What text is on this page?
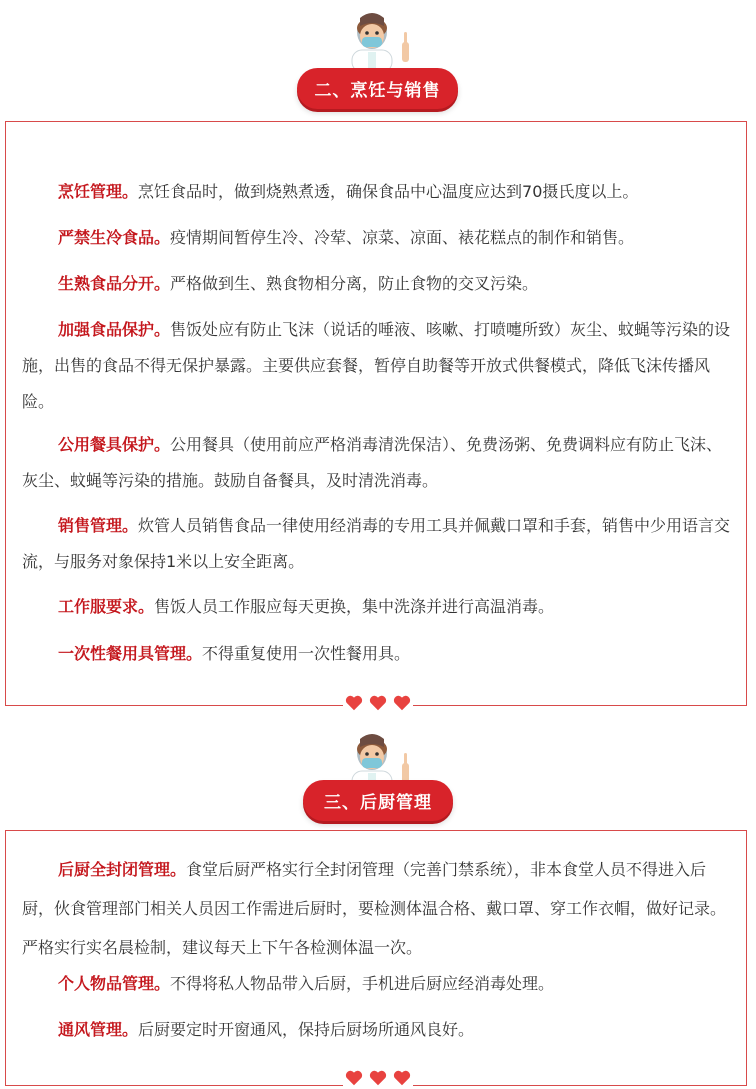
二、烹饪与销售
烹饪管理。烹饪食品时，做到烧熟煮透，确保食品中心温度应达到70摄氏度以上。
严禁生冷食品。疫情期间暂停生冷、冷荤、凉菜、凉面、裱花糕点的制作和销售。
生熟食品分开。严格做到生、熟食物相分离，防止食物的交叉污染。
加强食品保护。售饭处应有防止飞沫（说话的唾液、咳嗽、打喷嚏所致）灰尘、蚊蝇等污染的设施，出售的食品不得无保护暴露。主要供应套餐，暂停自助餐等开放式供餐模式，降低飞沫传播风险。
公用餐具保护。公用餐具（使用前应严格消毒清洗保洁）、免费汤粥、免费调料应有防止飞沫、灰尘、蚊蝇等污染的措施。鼓励自备餐具，及时清洗消毒。
销售管理。炊管人员销售食品一律使用经消毒的专用工具并佩戴口罩和手套，销售中少用语言交流，与服务对象保持1米以上安全距离。
工作服要求。售饭人员工作服应每天更换，集中洗涤并进行高温消毒。
一次性餐用具管理。不得重复使用一次性餐用具。
三、后厨管理
后厨全封闭管理。食堂后厨严格实行全封闭管理（完善门禁系统），非本食堂人员不得进入后厨，伙食管理部门相关人员因工作需进后厨时，要检测体温合格、戴口罩、穿工作衣帽，做好记录。严格实行实名晨检制，建议每天上下午各检测体温一次。
个人物品管理。不得将私人物品带入后厨，手机进后厨应经消毒处理。
通风管理。后厨要定时开窗通风，保持后厨场所通风良好。
